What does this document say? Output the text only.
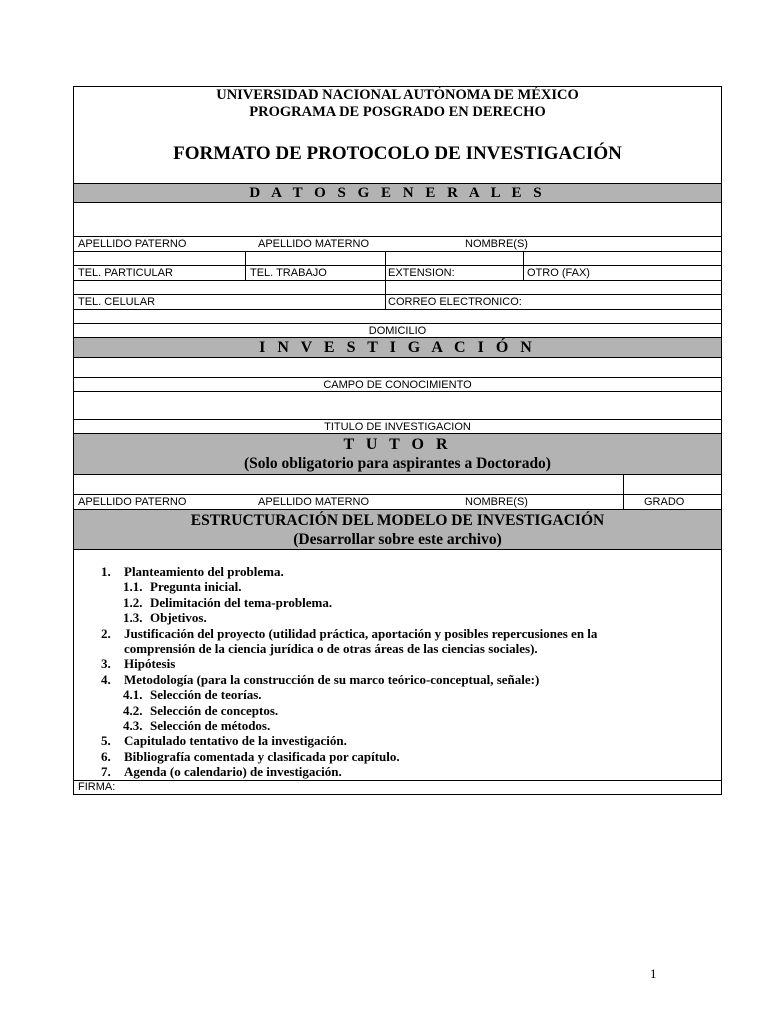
UNIVERSIDAD NACIONAL AUTÓNOMA DE MÉXICO
PROGRAMA DE POSGRADO EN DERECHO
FORMATO DE PROTOCOLO DE INVESTIGACIÓN
D A T O S G E N E R A L E S
APELLIDO PATERNO	APELLIDO MATERNO	NOMBRE(S)
TEL. PARTICULAR	TEL. TRABAJO	EXTENSION:	OTRO (FAX)
TEL. CELULAR	CORREO ELECTRONICO:
DOMICILIO
I N V E S T I G A C I Ó N
CAMPO DE CONOCIMIENTO
TITULO DE INVESTIGACION
T U T O R
(Solo obligatorio para aspirantes a Doctorado)
APELLIDO PATERNO	APELLIDO MATERNO	NOMBRE(S)	GRADO
ESTRUCTURACIÓN DEL MODELO DE INVESTIGACIÓN
(Desarrollar sobre este archivo)
1. Planteamiento del problema.
1.1. Pregunta inicial.
1.2. Delimitación del tema-problema.
1.3. Objetivos.
2. Justificación del proyecto (utilidad práctica, aportación y posibles repercusiones en la
comprensión de la ciencia jurídica o de otras áreas de las ciencias sociales).
3. Hipótesis
4. Metodología (para la construcción de su marco teórico-conceptual, señale:)
4.1. Selección de teorías.
4.2. Selección de conceptos.
4.3. Selección de métodos.
5. Capitulado tentativo de la investigación.
6. Bibliografía comentada y clasificada por capítulo.
7. Agenda (o calendario) de investigación.
FIRMA:
1
